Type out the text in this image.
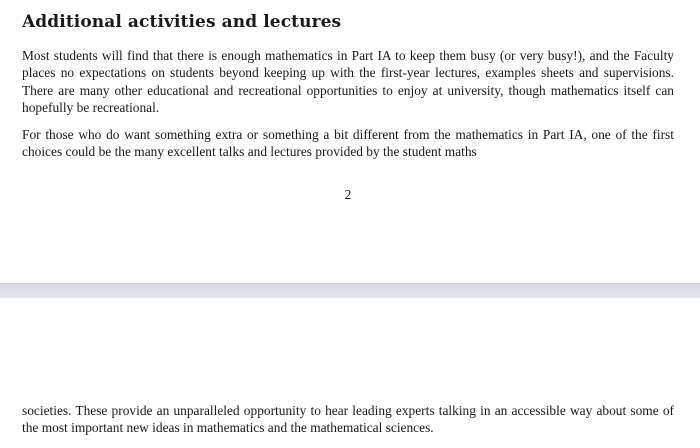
Additional activities and lectures

Most students will find that there is enough mathematics in Part IA to keep them busy (or very busy!), and the Faculty places no expectations on students beyond keeping up with the first-year lectures, examples sheets and supervisions. There are many other educational and recreational opportunities to enjoy at university, though mathematics itself can hopefully be recreational.

For those who do want something extra or something a bit different from the mathematics in Part IA, one of the first choices could be the many excellent talks and lectures provided by the student maths

2

societies. These provide an unparalleled opportunity to hear leading experts talking in an accessible way about some of the most important new ideas in mathematics and the mathematical sciences.
